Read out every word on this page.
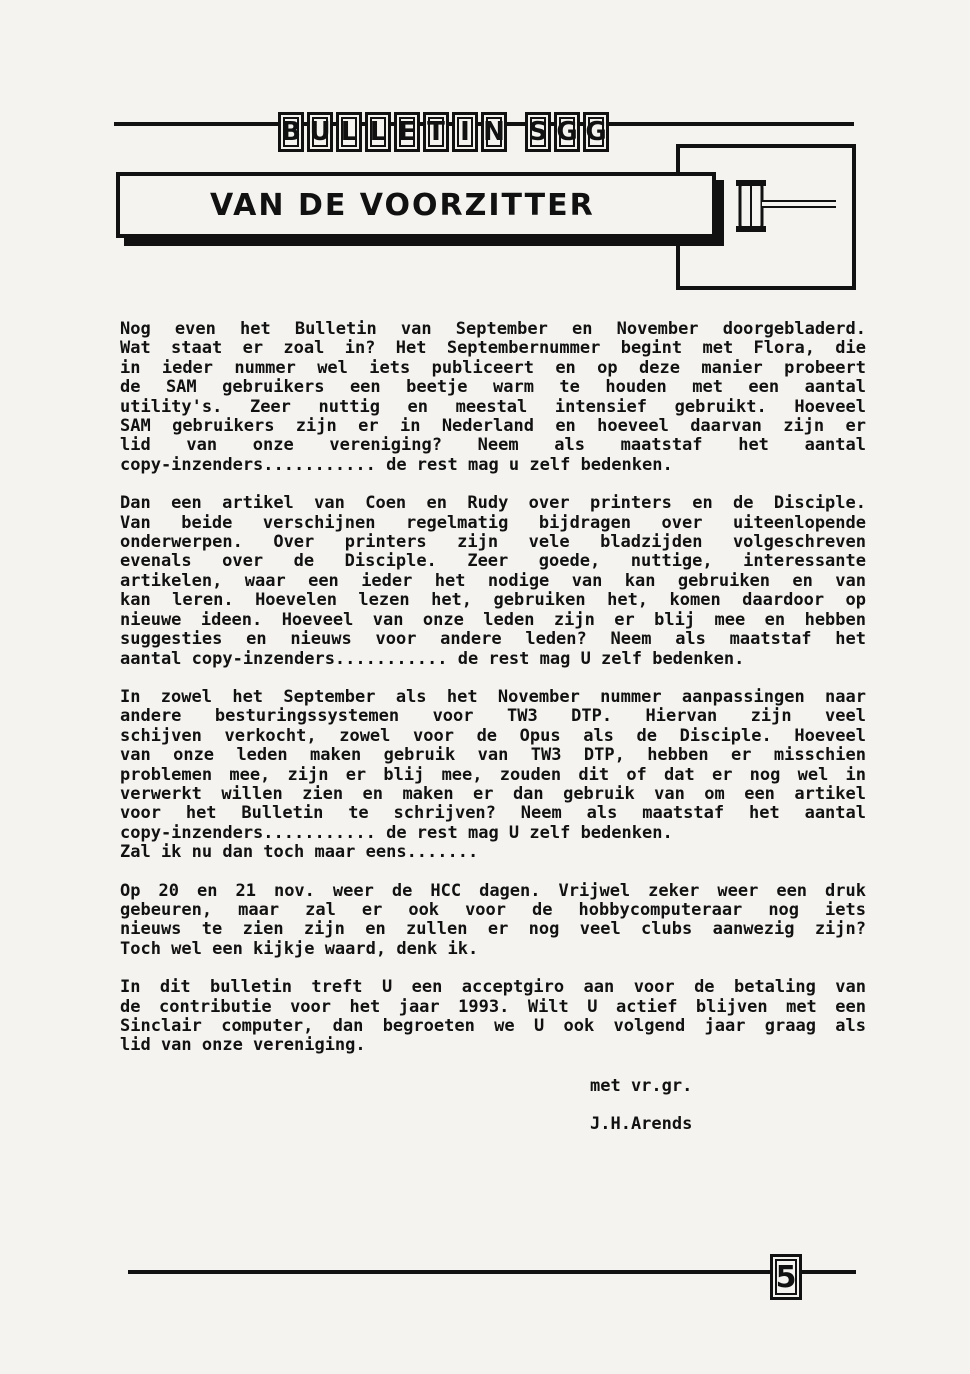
B U L L E T I N S G G
VAN DE VOORZITTER
Nog even het Bulletin van September en November doorgebladerd.
Wat staat er zoal in? Het Septembernummer begint met Flora, die
in ieder nummer wel iets publiceert en op deze manier probeert
de SAM gebruikers een beetje warm te houden met een aantal
utility's. Zeer nuttig en meestal intensief gebruikt. Hoeveel
SAM gebruikers zijn er in Nederland en hoeveel daarvan zijn er
lid van onze vereniging? Neem als maatstaf het aantal
copy-inzenders........... de rest mag u zelf bedenken.
Dan een artikel van Coen en Rudy over printers en de Disciple.
Van beide verschijnen regelmatig bijdragen over uiteenlopende
onderwerpen. Over printers zijn vele bladzijden volgeschreven
evenals over de Disciple. Zeer goede, nuttige, interessante
artikelen, waar een ieder het nodige van kan gebruiken en van
kan leren. Hoevelen lezen het, gebruiken het, komen daardoor op
nieuwe ideen. Hoeveel van onze leden zijn er blij mee en hebben
suggesties en nieuws voor andere leden? Neem als maatstaf het
aantal copy-inzenders........... de rest mag U zelf bedenken.
In zowel het September als het November nummer aanpassingen naar
andere besturingssystemen voor TW3 DTP. Hiervan zijn veel
schijven verkocht, zowel voor de Opus als de Disciple. Hoeveel
van onze leden maken gebruik van TW3 DTP, hebben er misschien
problemen mee, zijn er blij mee, zouden dit of dat er nog wel in
verwerkt willen zien en maken er dan gebruik van om een artikel
voor het Bulletin te schrijven? Neem als maatstaf het aantal
copy-inzenders........... de rest mag U zelf bedenken.
Zal ik nu dan toch maar eens.......
Op 20 en 21 nov. weer de HCC dagen. Vrijwel zeker weer een druk
gebeuren, maar zal er ook voor de hobbycomputeraar nog iets
nieuws te zien zijn en zullen er nog veel clubs aanwezig zijn?
Toch wel een kijkje waard, denk ik.
In dit bulletin treft U een acceptgiro aan voor de betaling van
de contributie voor het jaar 1993. Wilt U actief blijven met een
Sinclair computer, dan begroeten we U ook volgend jaar graag als
lid van onze vereniging.
met vr.gr.
J.H.Arends
5
